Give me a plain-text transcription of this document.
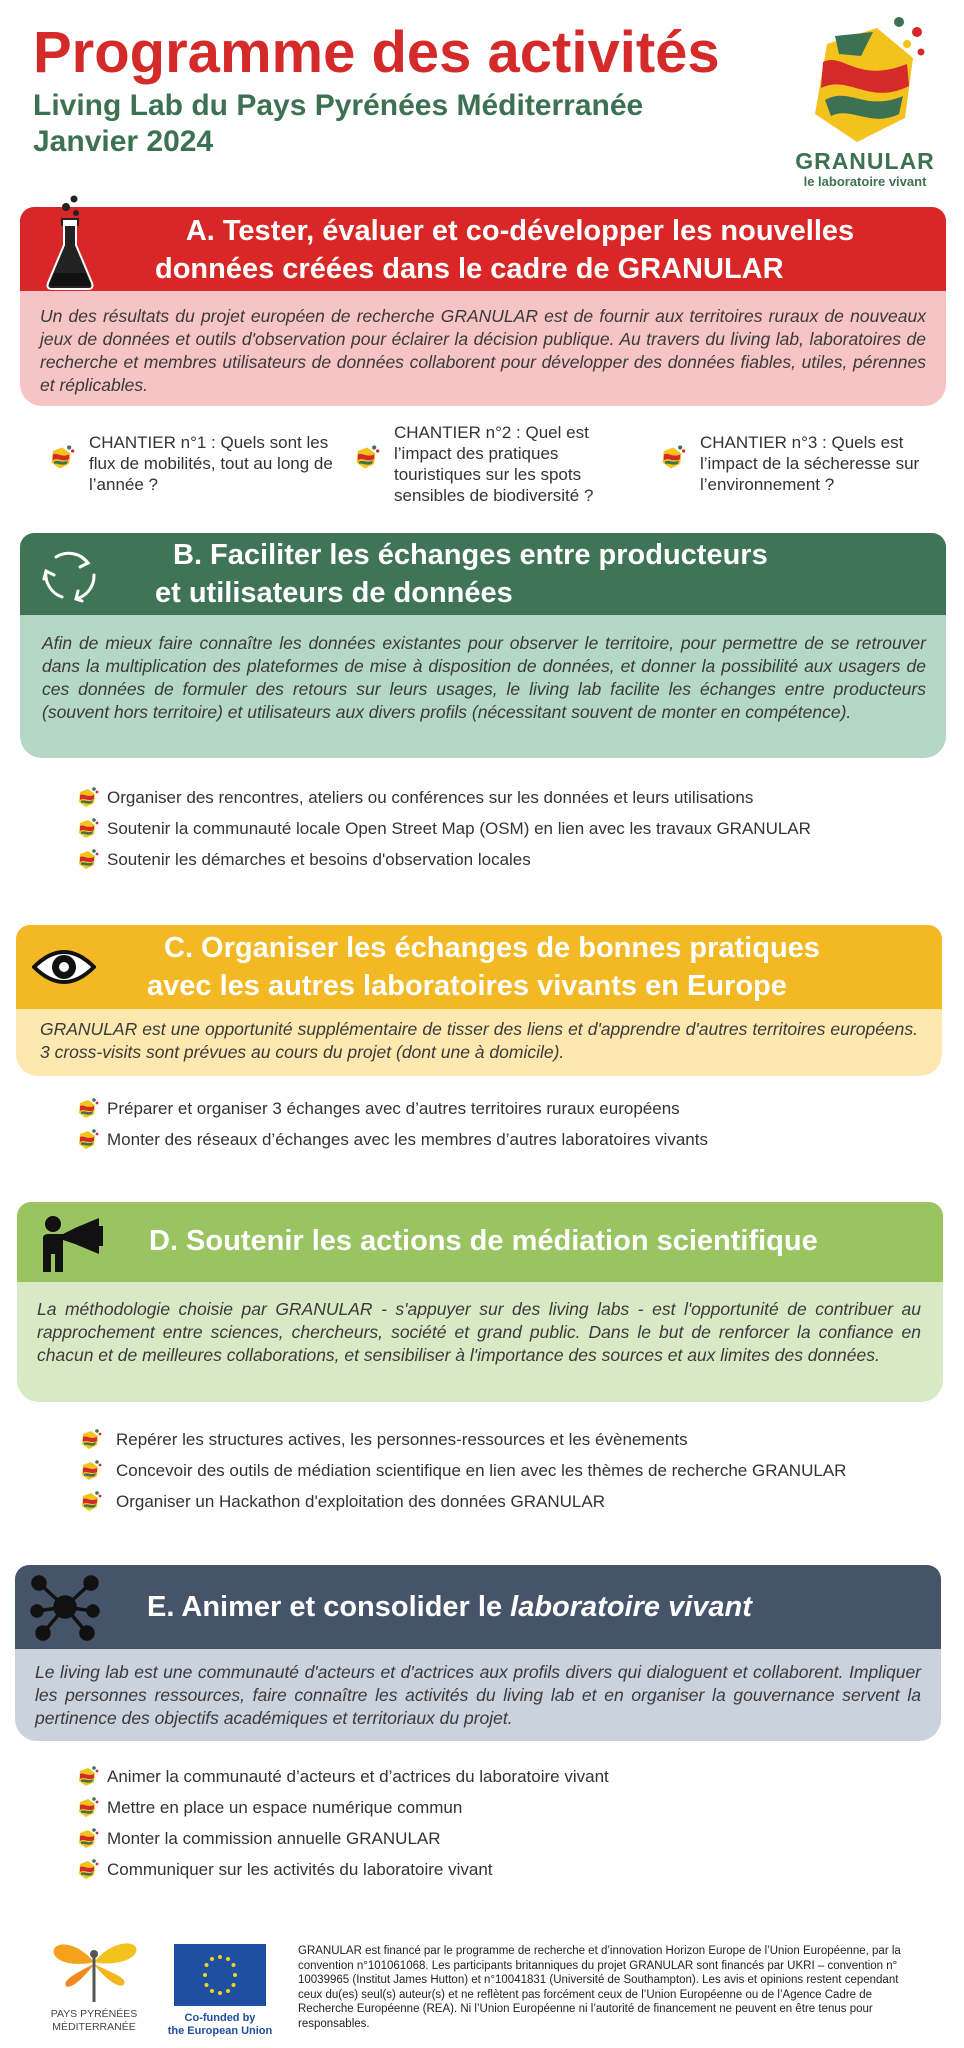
Programme des activités
Living Lab du Pays Pyrénées Méditerranée
Janvier 2024
GRANULAR
le laboratoire vivant
A. Tester, évaluer et co-développer les nouvelles
données créées dans le cadre de GRANULAR
Un des résultats du projet européen de recherche GRANULAR est de fournir aux territoires ruraux de nouveaux jeux de données et outils d'observation pour éclairer la décision publique. Au travers du living lab, laboratoires de recherche et membres utilisateurs de données collaborent pour développer des données fiables, utiles, pérennes et réplicables.
CHANTIER n°1 : Quels sont les flux de mobilités, tout au long de l’année ?
CHANTIER n°2 : Quel est l’impact des pratiques touristiques sur les spots sensibles de biodiversité ?
CHANTIER n°3 : Quels est l’impact de la sécheresse sur l’environnement ?
B. Faciliter les échanges entre producteurs
et utilisateurs de données
Afin de mieux faire connaître les données existantes pour observer le territoire, pour permettre de se retrouver dans la multiplication des plateformes de mise à disposition de données, et donner la possibilité aux usagers de ces données de formuler des retours sur leurs usages, le living lab facilite les échanges entre producteurs (souvent hors territoire) et utilisateurs aux divers profils (nécessitant souvent de monter en compétence).
Organiser des rencontres, ateliers ou conférences sur les données et leurs utilisations
Soutenir la communauté locale Open Street Map (OSM) en lien avec les travaux GRANULAR
Soutenir les démarches et besoins d'observation locales
C. Organiser les échanges de bonnes pratiques
avec les autres laboratoires vivants en Europe
GRANULAR est une opportunité supplémentaire de tisser des liens et d'apprendre d'autres territoires européens. 3 cross-visits sont prévues au cours du projet (dont une à domicile).
Préparer et organiser 3 échanges avec d’autres territoires ruraux européens
Monter des réseaux d’échanges avec les membres d’autres laboratoires vivants
D. Soutenir les actions de médiation scientifique
La méthodologie choisie par GRANULAR - s'appuyer sur des living labs - est l'opportunité de contribuer au rapprochement entre sciences, chercheurs, société et grand public. Dans le but de renforcer la confiance en chacun et de meilleures collaborations, et sensibiliser à l'importance des sources et aux limites des données.
Repérer les structures actives, les personnes-ressources et les évènements
Concevoir des outils de médiation scientifique en lien avec les thèmes de recherche GRANULAR
Organiser un Hackathon d'exploitation des données GRANULAR
E. Animer et consolider le laboratoire vivant
Le living lab est une communauté d'acteurs et d'actrices aux profils divers qui dialoguent et collaborent. Impliquer les personnes ressources, faire connaître les activités du living lab et en organiser la gouvernance servent la pertinence des objectifs académiques et territoriaux du projet.
Animer la communauté d’acteurs et d’actrices du laboratoire vivant
Mettre en place un espace numérique commun
Monter la commission annuelle GRANULAR
Communiquer sur les activités du laboratoire vivant
PAYS PYRÉNÉES
MÉDITERRANÉE
Co-funded by
the European Union
GRANULAR est financé par le programme de recherche et d’innovation Horizon Europe de l’Union Européenne, par la convention n°101061068. Les participants britanniques du projet GRANULAR sont financés par UKRI – convention n° 10039965 (Institut James Hutton) et n°10041831 (Université de Southampton). Les avis et opinions restent cependant ceux du(es) seul(s) auteur(s) et ne reflètent pas forcément ceux de l’Union Européenne ou de l’Agence Cadre de Recherche Européenne (REA). Ni l’Union Européenne ni l’autorité de financement ne peuvent en être tenus pour responsables.
